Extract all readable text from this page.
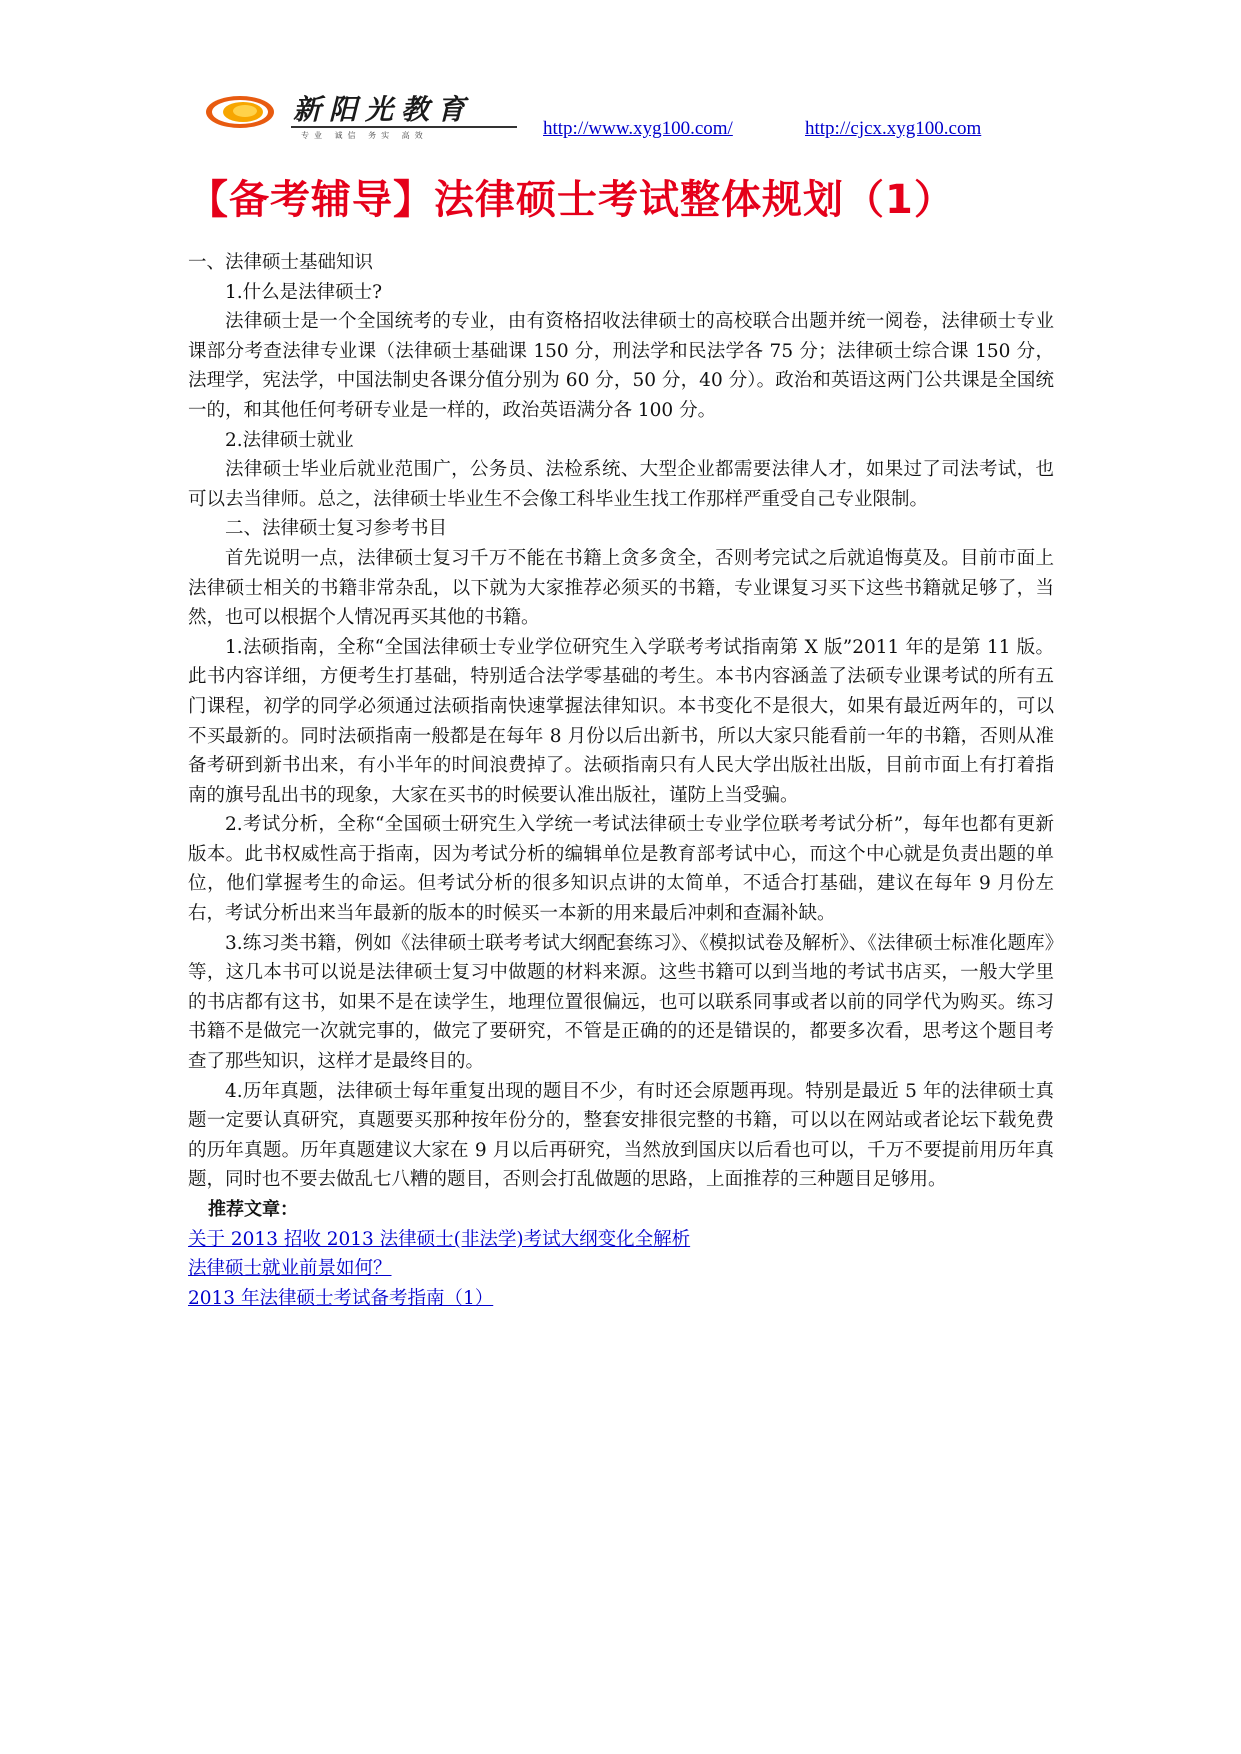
新阳光教育
专业 诚信 务实 高效	http://www.xyg100.com/	http://cjcx.xyg100.com
【备考辅导】法律硕士考试整体规划（1）

一、法律硕士基础知识

1.什么是法律硕士?

法律硕士是一个全国统考的专业，由有资格招收法律硕士的高校联合出题并统一阅卷，法律硕士专业课部分考查法律专业课（法律硕士基础课 150 分，刑法学和民法学各 75 分；法律硕士综合课 150 分，法理学，宪法学，中国法制史各课分值分别为 60 分，50 分，40 分）。政治和英语这两门公共课是全国统一的，和其他任何考研专业是一样的，政治英语满分各 100 分。

2.法律硕士就业

法律硕士毕业后就业范围广，公务员、法检系统、大型企业都需要法律人才，如果过了司法考试，也可以去当律师。总之，法律硕士毕业生不会像工科毕业生找工作那样严重受自己专业限制。

二、法律硕士复习参考书目

首先说明一点，法律硕士复习千万不能在书籍上贪多贪全，否则考完试之后就追悔莫及。目前市面上法律硕士相关的书籍非常杂乱，以下就为大家推荐必须买的书籍，专业课复习买下这些书籍就足够了，当然，也可以根据个人情况再买其他的书籍。

1.法硕指南，全称“全国法律硕士专业学位研究生入学联考考试指南第 X 版”2011 年的是第 11 版。此书内容详细，方便考生打基础，特别适合法学零基础的考生。本书内容涵盖了法硕专业课考试的所有五门课程，初学的同学必须通过法硕指南快速掌握法律知识。本书变化不是很大，如果有最近两年的，可以不买最新的。同时法硕指南一般都是在每年 8 月份以后出新书，所以大家只能看前一年的书籍，否则从准备考研到新书出来，有小半年的时间浪费掉了。法硕指南只有人民大学出版社出版，目前市面上有打着指南的旗号乱出书的现象，大家在买书的时候要认准出版社，谨防上当受骗。

2.考试分析，全称“全国硕士研究生入学统一考试法律硕士专业学位联考考试分析”，每年也都有更新版本。此书权威性高于指南，因为考试分析的编辑单位是教育部考试中心，而这个中心就是负责出题的单位，他们掌握考生的命运。但考试分析的很多知识点讲的太简单，不适合打基础，建议在每年 9 月份左右，考试分析出来当年最新的版本的时候买一本新的用来最后冲刺和查漏补缺。

3.练习类书籍，例如《法律硕士联考考试大纲配套练习》、《模拟试卷及解析》、《法律硕士标准化题库》等，这几本书可以说是法律硕士复习中做题的材料来源。这些书籍可以到当地的考试书店买，一般大学里的书店都有这书，如果不是在读学生，地理位置很偏远，也可以联系同事或者以前的同学代为购买。练习书籍不是做完一次就完事的，做完了要研究，不管是正确的的还是错误的，都要多次看，思考这个题目考查了那些知识，这样才是最终目的。

4.历年真题，法律硕士每年重复出现的题目不少，有时还会原题再现。特别是最近 5 年的法律硕士真题一定要认真研究，真题要买那种按年份分的，整套安排很完整的书籍，可以以在网站或者论坛下载免费的历年真题。历年真题建议大家在 9 月以后再研究，当然放到国庆以后看也可以，千万不要提前用历年真题，同时也不要去做乱七八糟的题目，否则会打乱做题的思路，上面推荐的三种题目足够用。

推荐文章：

关于 2013 招收 2013 法律硕士(非法学)考试大纲变化全解析
法律硕士就业前景如何？
2013 年法律硕士考试备考指南（1）
